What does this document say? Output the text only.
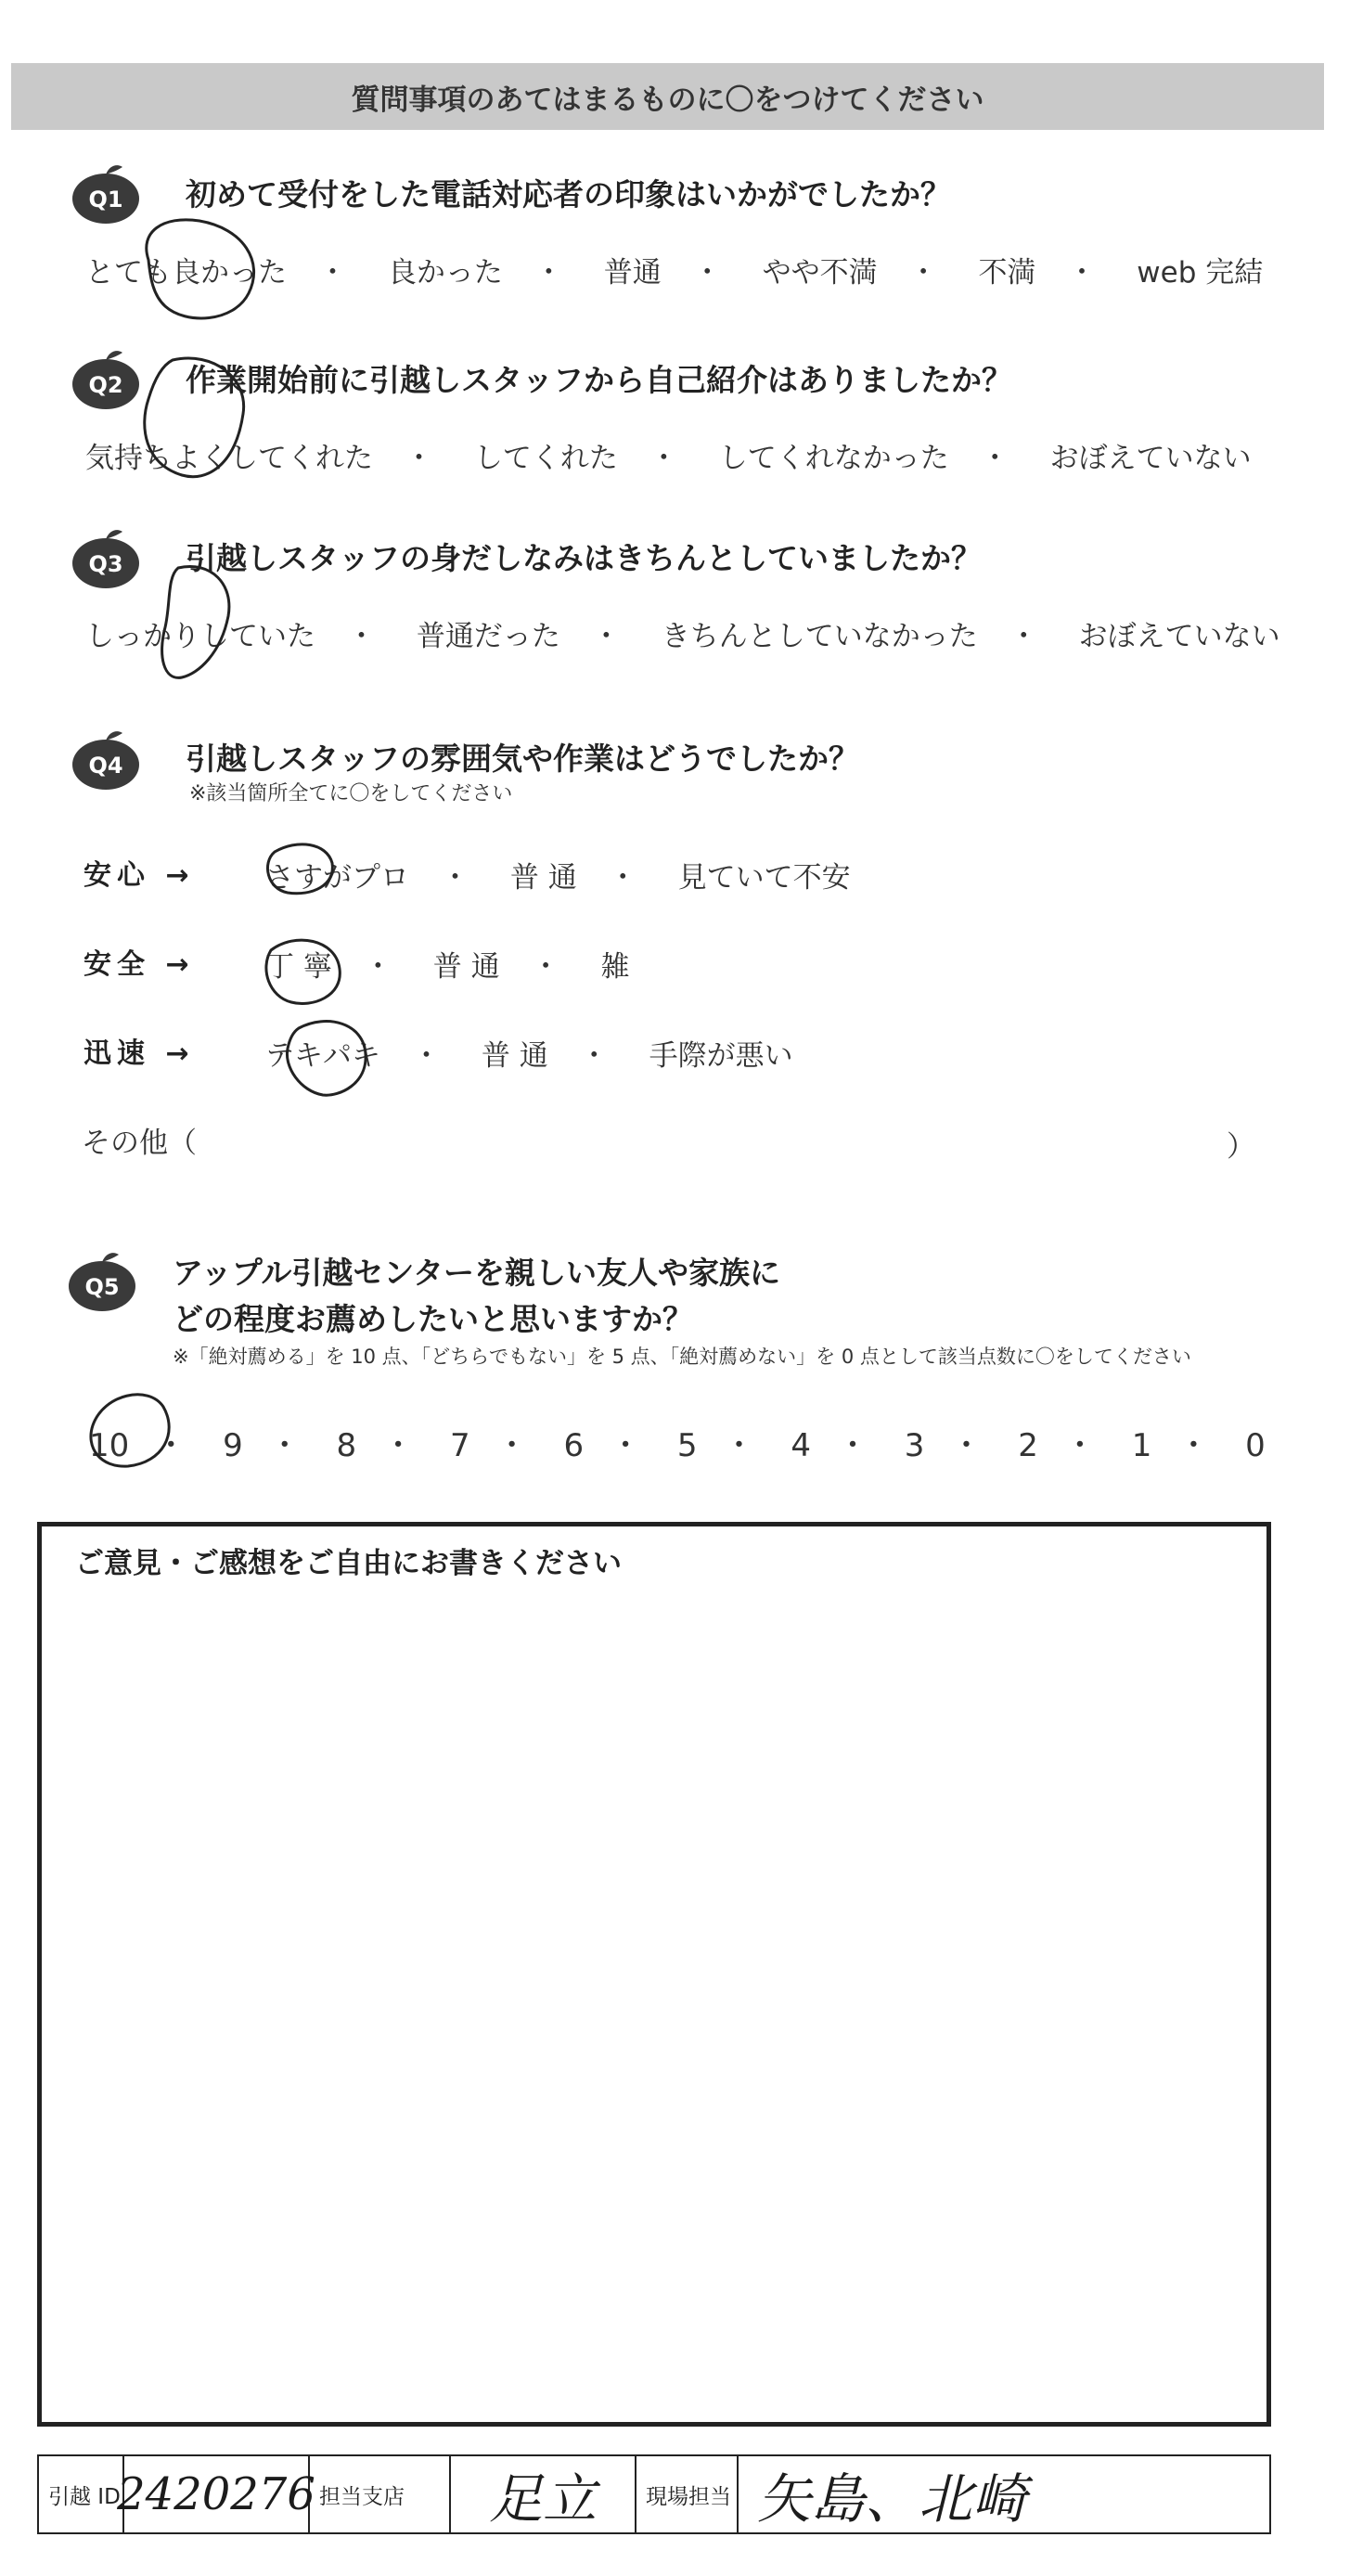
質問事項のあてはまるものに〇をつけてください
Q1 初めて受付をした電話対応者の印象はいかがでしたか？
とても良かった ・ 良かった ・ 普通 ・ やや不満 ・ 不満 ・ web 完結
Q2 作業開始前に引越しスタッフから自己紹介はありましたか？
気持ちよくしてくれた ・ してくれた ・ してくれなかった ・ おぼえていない
Q3 引越しスタッフの身だしなみはきちんとしていましたか？
しっかりしていた ・ 普通だった ・ きちんとしていなかった ・ おぼえていない
Q4 引越しスタッフの雰囲気や作業はどうでしたか？
※該当箇所全てに〇をしてください
安心 → さすがプロ ・ 普 通 ・ 見ていて不安
安全 → 丁 寧 ・ 普 通 ・ 雑
迅速 → テキパキ ・ 普 通 ・ 手際が悪い
その他（	）
Q5 アップル引越センターを親しい友人や家族に
どの程度お薦めしたいと思いますか？
※「絶対薦める」を 10 点、「どちらでもない」を 5 点、「絶対薦めない」を 0 点として該当点数に〇をしてください
10 ・ 9 ・ 8 ・ 7 ・ 6 ・ 5 ・ 4 ・ 3 ・ 2 ・ 1 ・ 0
ご意見・ご感想をご自由にお書きください
引越 ID
2420276 担当支店 足立	現場担当 矢島、北崎
